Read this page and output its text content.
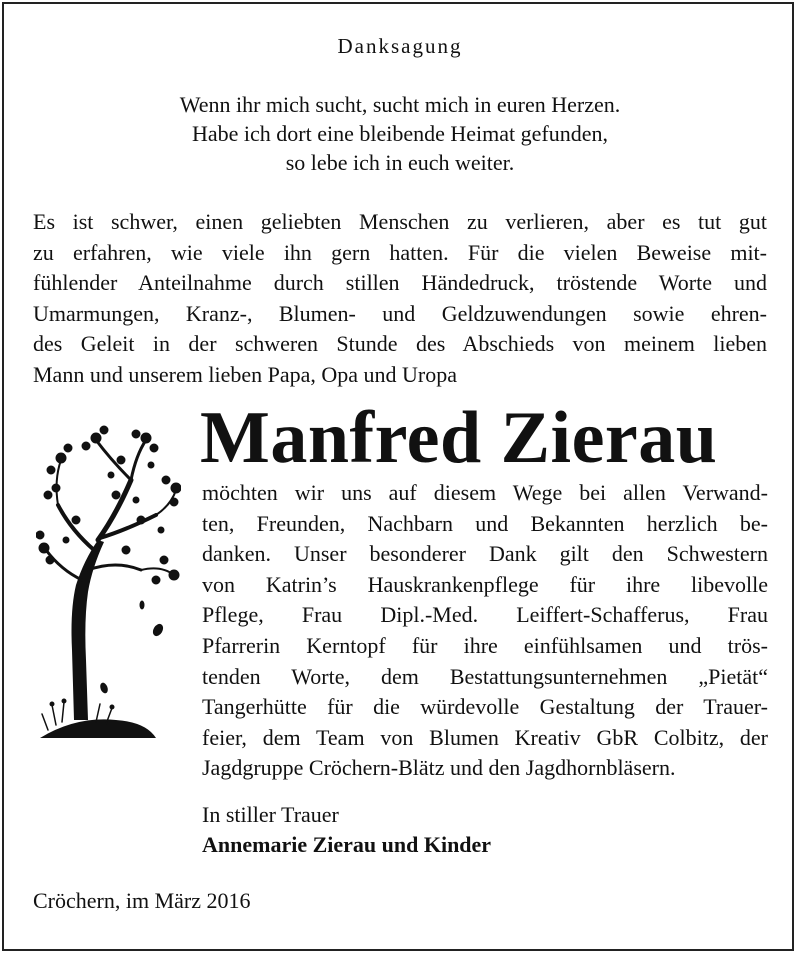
Danksagung
Wenn ihr mich sucht, sucht mich in euren Herzen.
Habe ich dort eine bleibende Heimat gefunden,
so lebe ich in euch weiter.
Es ist schwer, einen geliebten Menschen zu verlieren, aber es tut gut
zu erfahren, wie viele ihn gern hatten. Für die vielen Beweise mit-
fühlender Anteilnahme durch stillen Händedruck, tröstende Worte und
Umarmungen, Kranz-, Blumen- und Geldzuwendungen sowie ehren-
des Geleit in der schweren Stunde des Abschieds von meinem lieben
Mann und unserem lieben Papa, Opa und Uropa
Manfred Zierau
möchten wir uns auf diesem Wege bei allen Verwand-
ten, Freunden, Nachbarn und Bekannten herzlich be-
danken. Unser besonderer Dank gilt den Schwestern
von Katrin’s Hauskrankenpflege für ihre libevolle
Pflege, Frau Dipl.-Med. Leiffert-Schafferus, Frau
Pfarrerin Kerntopf für ihre einfühlsamen und trös-
tenden Worte, dem Bestattungsunternehmen „Pietät“
Tangerhütte für die würdevolle Gestaltung der Trauer-
feier, dem Team von Blumen Kreativ GbR Colbitz, der
Jagdgruppe Cröchern-Blätz und den Jagdhornbläsern.
In stiller Trauer
Annemarie Zierau und Kinder
Cröchern, im März 2016
